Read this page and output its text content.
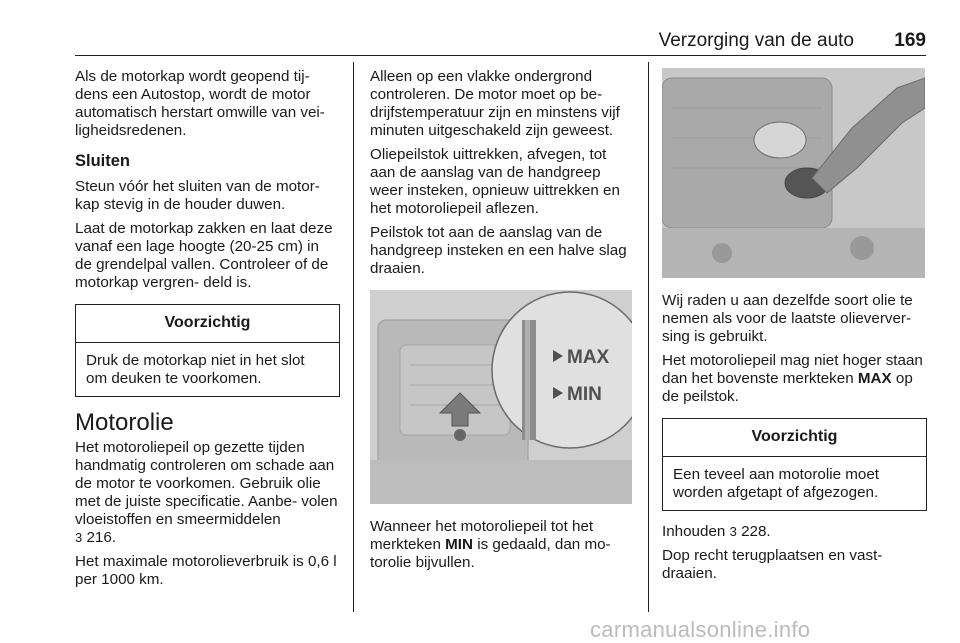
Verzorging van de auto 169

Als de motorkap wordt geopend tij- dens een Autostop, wordt de motor automatisch herstart omwille van vei- ligheidsredenen.

Sluiten

Steun vóór het sluiten van de motor- kap stevig in de houder duwen.

Laat de motorkap zakken en laat deze vanaf een lage hoogte (20-25 cm) in de grendelpal vallen. Controleer of de motorkap vergren- deld is.

Voorzichtig
Druk de motorkap niet in het slot om deuken te voorkomen.
Motorolie

Het motoroliepeil op gezette tijden handmatig controleren om schade aan de motor te voorkomen. Gebruik olie met de juiste specificatie. Aanbe- volen vloeistoffen en smeermiddelen
3 216.

Het maximale motorolieverbruik is 0,6 l per 1000 km.

Alleen op een vlakke ondergrond controleren. De motor moet op be- drijfstemperatuur zijn en minstens vijf minuten uitgeschakeld zijn geweest.

Oliepeilstok uittrekken, afvegen, tot aan de aanslag van de handgreep weer insteken, opnieuw uittrekken en het motoroliepeil aflezen.

Peilstok tot aan de aanslag van de handgreep insteken en een halve slag draaien.

MAX
MIN

Wanneer het motoroliepeil tot het merkteken MIN is gedaald, dan mo- torolie bijvullen.

Wij raden u aan dezelfde soort olie te nemen als voor de laatste olieverver- sing is gebruikt.

Het motoroliepeil mag niet hoger staan dan het bovenste merkteken MAX op de peilstok.

Voorzichtig
Een teveel aan motorolie moet worden afgetapt of afgezogen.

Inhouden 3 228.

Dop recht terugplaatsen en vast- draaien.

carmanualsonline.info
